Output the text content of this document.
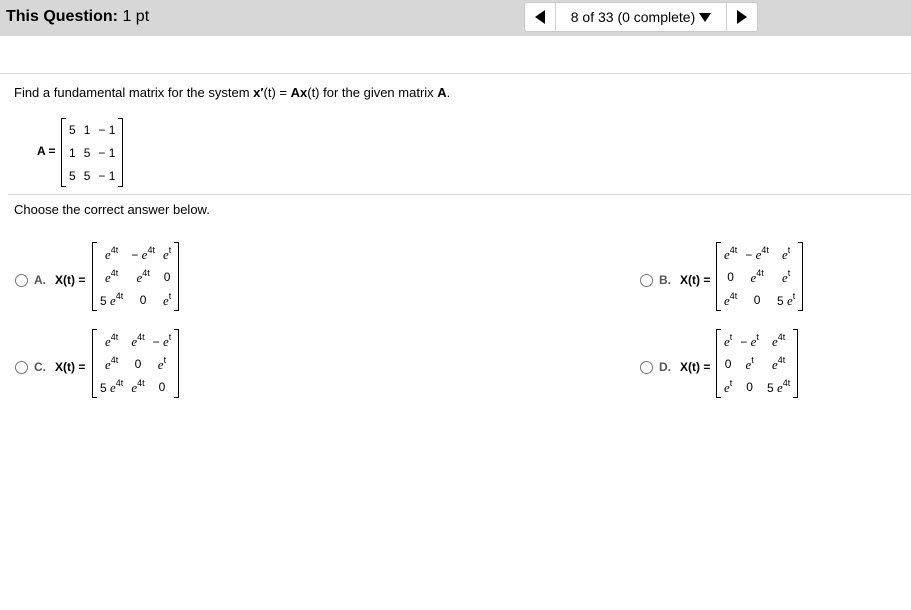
This Question: 1 pt	8 of 33 (0 complete)
Find a fundamental matrix for the system x′(t) = Ax(t) for the given matrix A.
A =
5	1	− 1
1	5	− 1
5	5	− 1
Choose the correct answer below.
A. X(t) =
$e^{4t}$	− $e^{4t}$	$e^t$
$e^{4t}$	$e^{4t}$	0
5 $e^{4t}$	0	$e^t$
B. X(t) =
$e^{4t}$	− $e^{4t}$	$e^t$
0	$e^{4t}$	$e^t$
$e^{4t}$	0	5 $e^t$
C. X(t) =
$e^{4t}$	$e^{4t}$	− $e^t$
$e^{4t}$	0	$e^t$
5 $e^{4t}$	$e^{4t}$	0
D. X(t) =
$e^t$	− $e^t$	$e^{4t}$
0	$e^t$	$e^{4t}$
$e^t$	0	5 $e^{4t}$
